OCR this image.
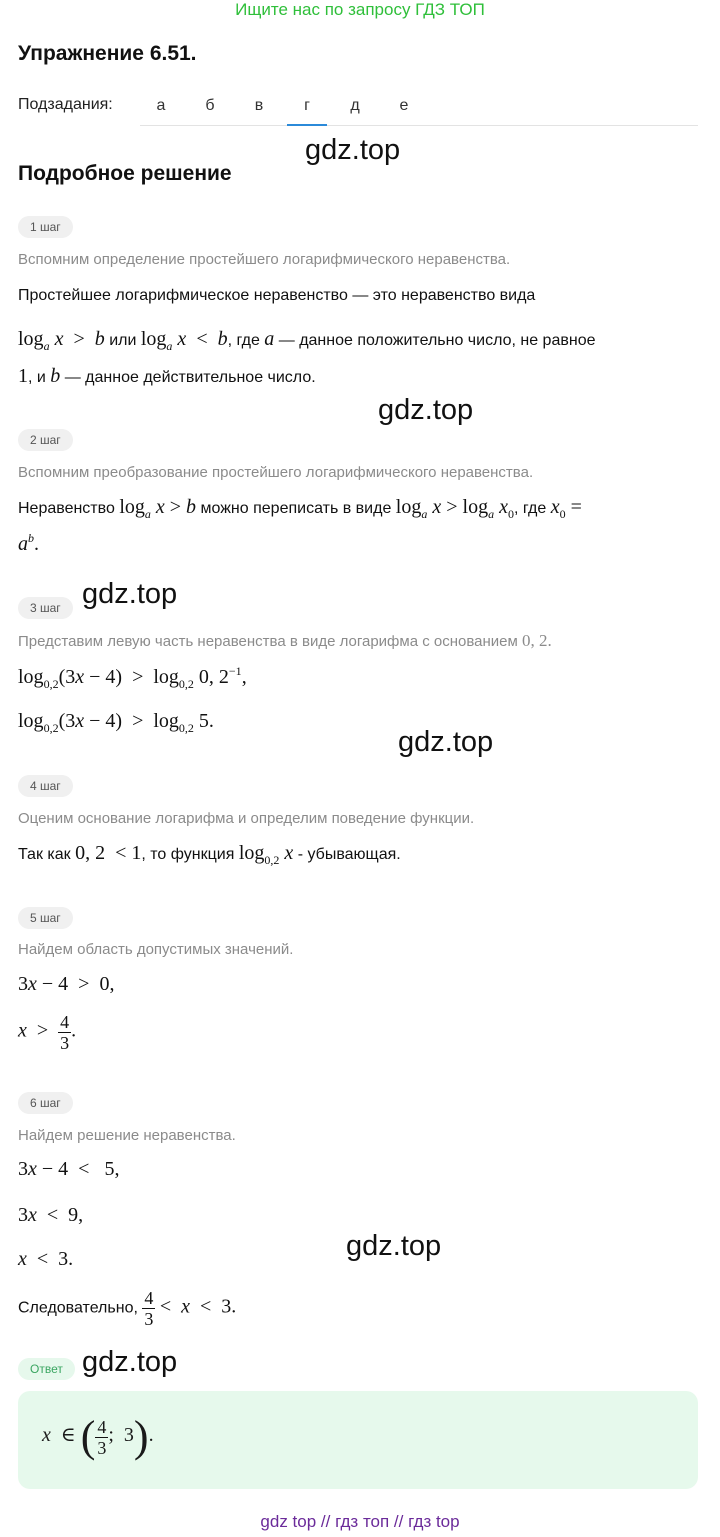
Ищите нас по запросу ГДЗ ТОП
Упражнение 6.51.
Подзадания:	а	б	в	г	д	е
gdz.top
gdz.top
gdz.top
gdz.top
gdz.top
gdz.top
Подробное решение
1 шаг
Вспомним определение простейшего логарифмического неравенства.
Простейшее логарифмическое неравенство — это неравенство вида
$\log_a x > b$ или $\log_a x < b$, где a — данное положительно число, не равное
1, и b — данное действительное число.
2 шаг
Вспомним преобразование простейшего логарифмического неравенства.
Неравенство $\log_a x > b$ можно переписать в виде $\log_a x > \log_a x_0$, где $x_0$ =
$a^b$.
3 шаг
Представим левую часть неравенства в виде логарифма с основанием 0, 2.
$\log_{0,2}(3x - 4) > \log_{0,2} 0$, $2^{-1}$,
$\log_{0,2}(3x - 4) > \log_{0,2} 5$.
4 шаг
Оценим основание логарифма и определим поведение функции.
Так как 0, 2  < 1, то функция $\log_{0,2} x$ - убывающая.
5 шаг
Найдем область допустимых значений.
3x − 4  >  0,
$x > \frac{4}{3}$ .
6 шаг
Найдем решение неравенства.
3x − 4  <   5,
3x  <  9,
x  <  3.
Следовательно, $\frac{4}{3} < x < 3$.
Ответ
x  ∈ ( $\frac{4}{3}$ ;  3).
gdz top // гдз топ // гдз top
